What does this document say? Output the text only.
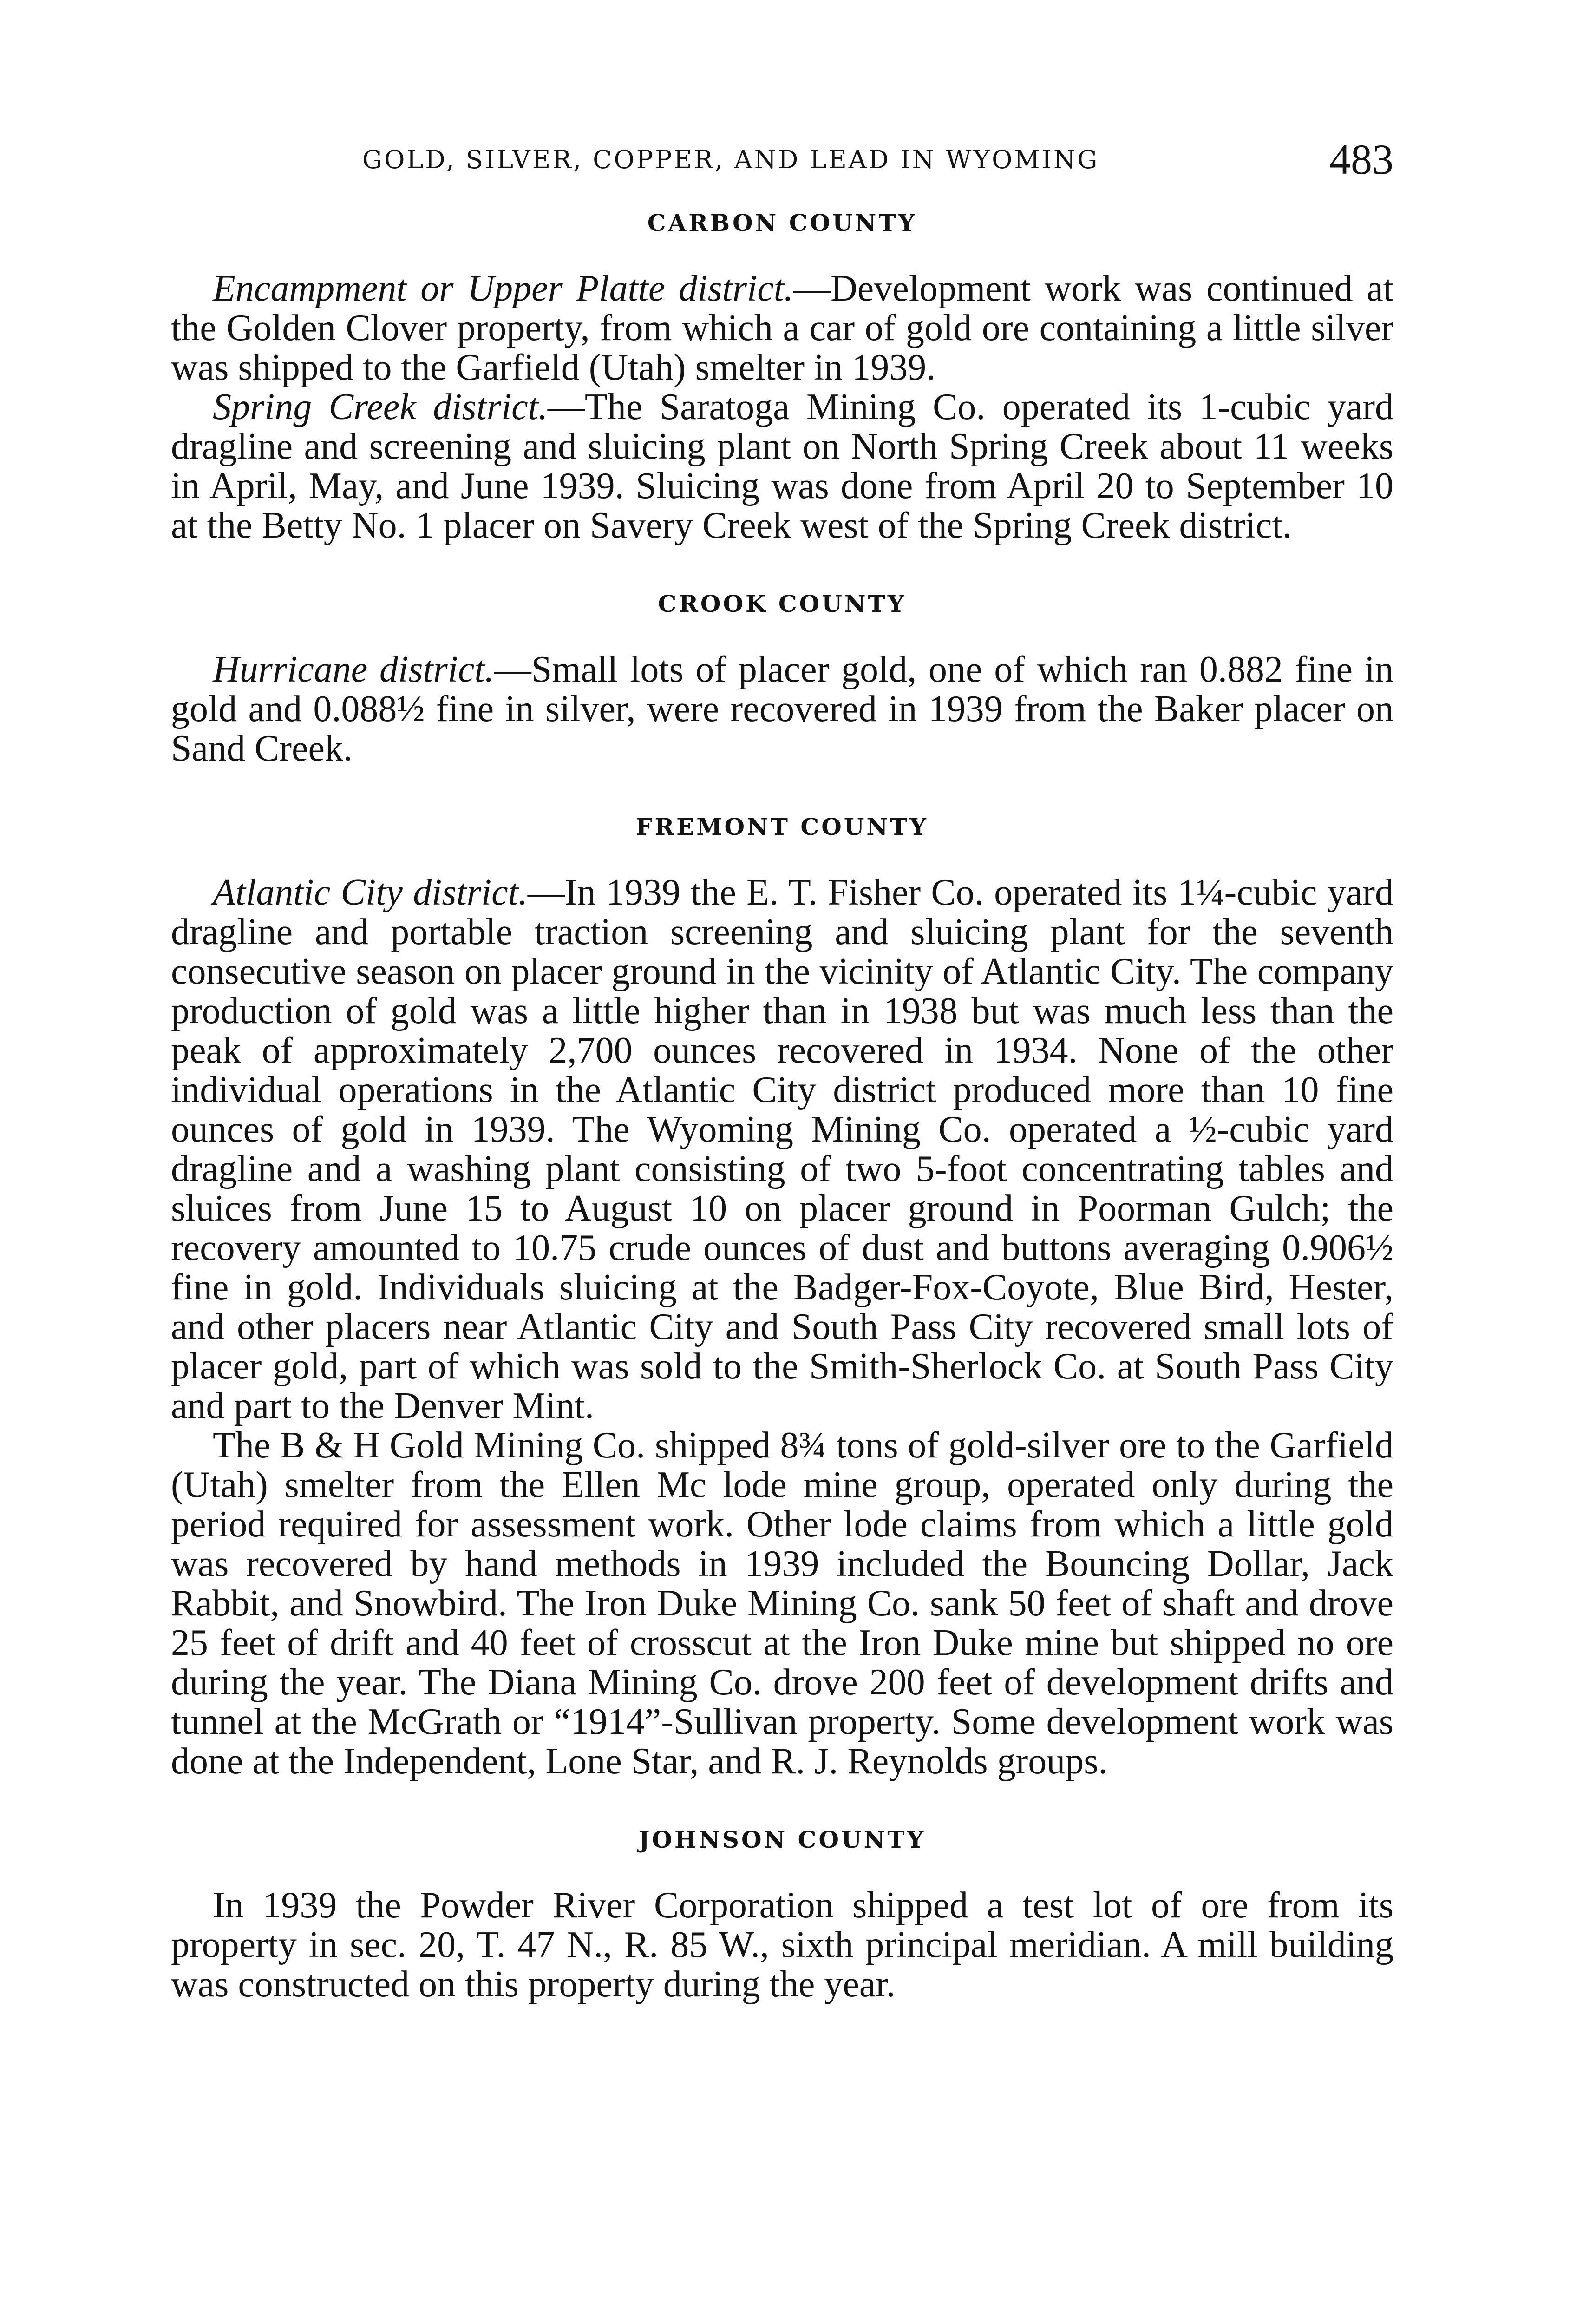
GOLD, SILVER, COPPER, AND LEAD IN WYOMING	483
CARBON COUNTY

Encampment or Upper Platte district.—Development work was continued at the Golden Clover property, from which a car of gold ore containing a little silver was shipped to the Garfield (Utah) smelter in 1939.

Spring Creek district.—The Saratoga Mining Co. operated its 1-cubic yard dragline and screening and sluicing plant on North Spring Creek about 11 weeks in April, May, and June 1939. Sluicing was done from April 20 to September 10 at the Betty No. 1 placer on Savery Creek west of the Spring Creek district.

CROOK COUNTY

Hurricane district.—Small lots of placer gold, one of which ran 0.882 fine in gold and 0.088½ fine in silver, were recovered in 1939 from the Baker placer on Sand Creek.

FREMONT COUNTY

Atlantic City district.—In 1939 the E. T. Fisher Co. operated its 1¼-cubic yard dragline and portable traction screening and sluicing plant for the seventh consecutive season on placer ground in the vicinity of Atlantic City. The company production of gold was a little higher than in 1938 but was much less than the peak of approximately 2,700 ounces recovered in 1934. None of the other individual operations in the Atlantic City district produced more than 10 fine ounces of gold in 1939. The Wyoming Mining Co. operated a ½-cubic yard dragline and a washing plant consisting of two 5-foot concentrating tables and sluices from June 15 to August 10 on placer ground in Poorman Gulch; the recovery amounted to 10.75 crude ounces of dust and buttons averaging 0.906½ fine in gold. Individuals sluicing at the Badger-Fox-Coyote, Blue Bird, Hester, and other placers near Atlantic City and South Pass City recovered small lots of placer gold, part of which was sold to the Smith-Sherlock Co. at South Pass City and part to the Denver Mint.

The B & H Gold Mining Co. shipped 8¾ tons of gold-silver ore to the Garfield (Utah) smelter from the Ellen Mc lode mine group, operated only during the period required for assessment work. Other lode claims from which a little gold was recovered by hand methods in 1939 included the Bouncing Dollar, Jack Rabbit, and Snowbird. The Iron Duke Mining Co. sank 50 feet of shaft and drove 25 feet of drift and 40 feet of crosscut at the Iron Duke mine but shipped no ore during the year. The Diana Mining Co. drove 200 feet of development drifts and tunnel at the McGrath or “1914”-Sullivan property. Some development work was done at the Independent, Lone Star, and R. J. Reynolds groups.

JOHNSON COUNTY

In 1939 the Powder River Corporation shipped a test lot of ore from its property in sec. 20, T. 47 N., R. 85 W., sixth principal meridian. A mill building was constructed on this property during the year.
